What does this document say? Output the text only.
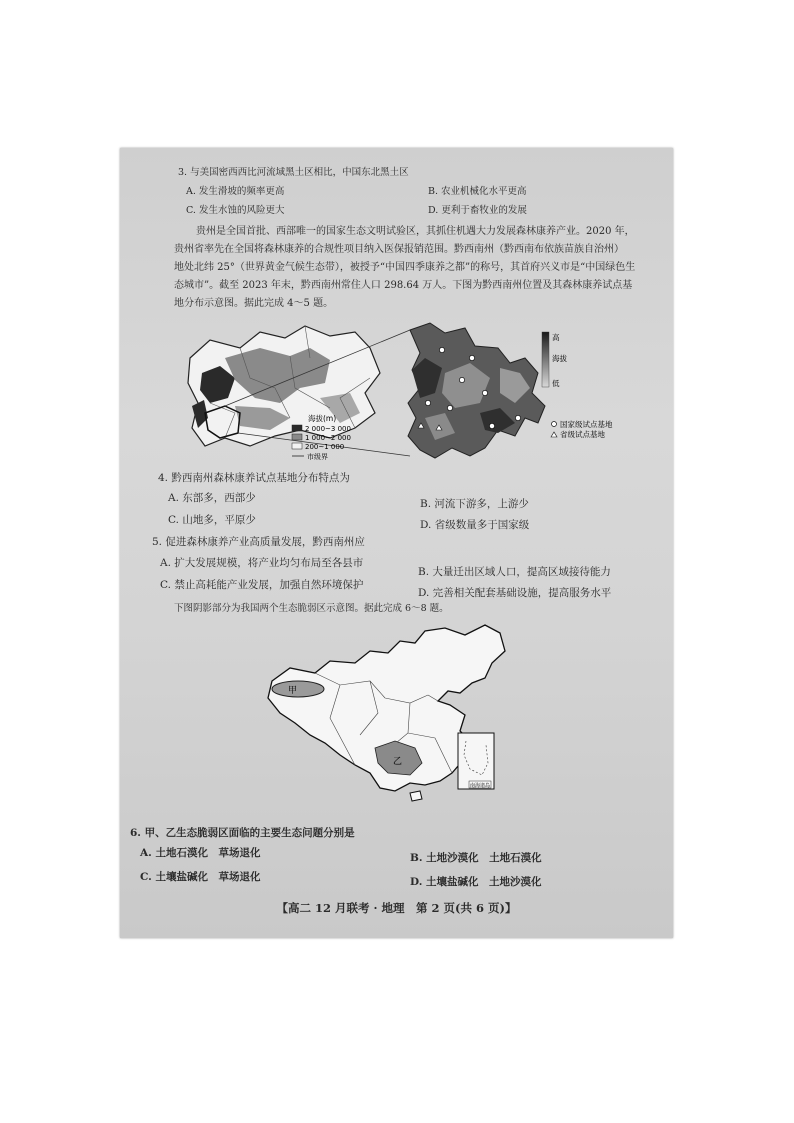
3. 与美国密西西比河流域黑土区相比，中国东北黑土区
A. 发生滑坡的频率更高	B. 农业机械化水平更高
C. 发生水蚀的风险更大	D. 更利于畜牧业的发展
贵州是全国首批、西部唯一的国家生态文明试验区，其抓住机遇大力发展森林康养产业。2020 年，
贵州省率先在全国将森林康养的合规性项目纳入医保报销范围。黔西南州（黔西南布依族苗族自治州）
地处北纬 25°（世界黄金气候生态带），被授予“中国四季康养之都”的称号，其首府兴义市是“中国绿色生
态城市”。截至 2023 年末，黔西南州常住人口 298.64 万人。下图为黔西南州位置及其森林康养试点基
地分布示意图。据此完成 4～5 题。
海拔(m)
2 000~3 000
1 000~2 000
200~1 000
市级界
高
海拔
低
国家级试点基地
省级试点基地
4. 黔西南州森林康养试点基地分布特点为
A. 东部多，西部少	B. 河流下游多，上游少
C. 山地多，平原少	D. 省级数量多于国家级
5. 促进森林康养产业高质量发展，黔西南州应
A. 扩大发展规模，将产业均匀布局至各县市
B. 大量迁出区域人口，提高区域接待能力
C. 禁止高耗能产业发展，加强自然环境保护
D. 完善相关配套基础设施，提高服务水平
下图阴影部分为我国两个生态脆弱区示意图。据此完成 6～8 题。
甲
乙
南海诸岛
6. 甲、乙生态脆弱区面临的主要生态问题分别是
A. 土地石漠化　草场退化	B. 土地沙漠化　土地石漠化
C. 土壤盐碱化　草场退化	D. 土壤盐碱化　土地沙漠化
【高二 12 月联考 · 地理　第 2 页(共 6 页)】
